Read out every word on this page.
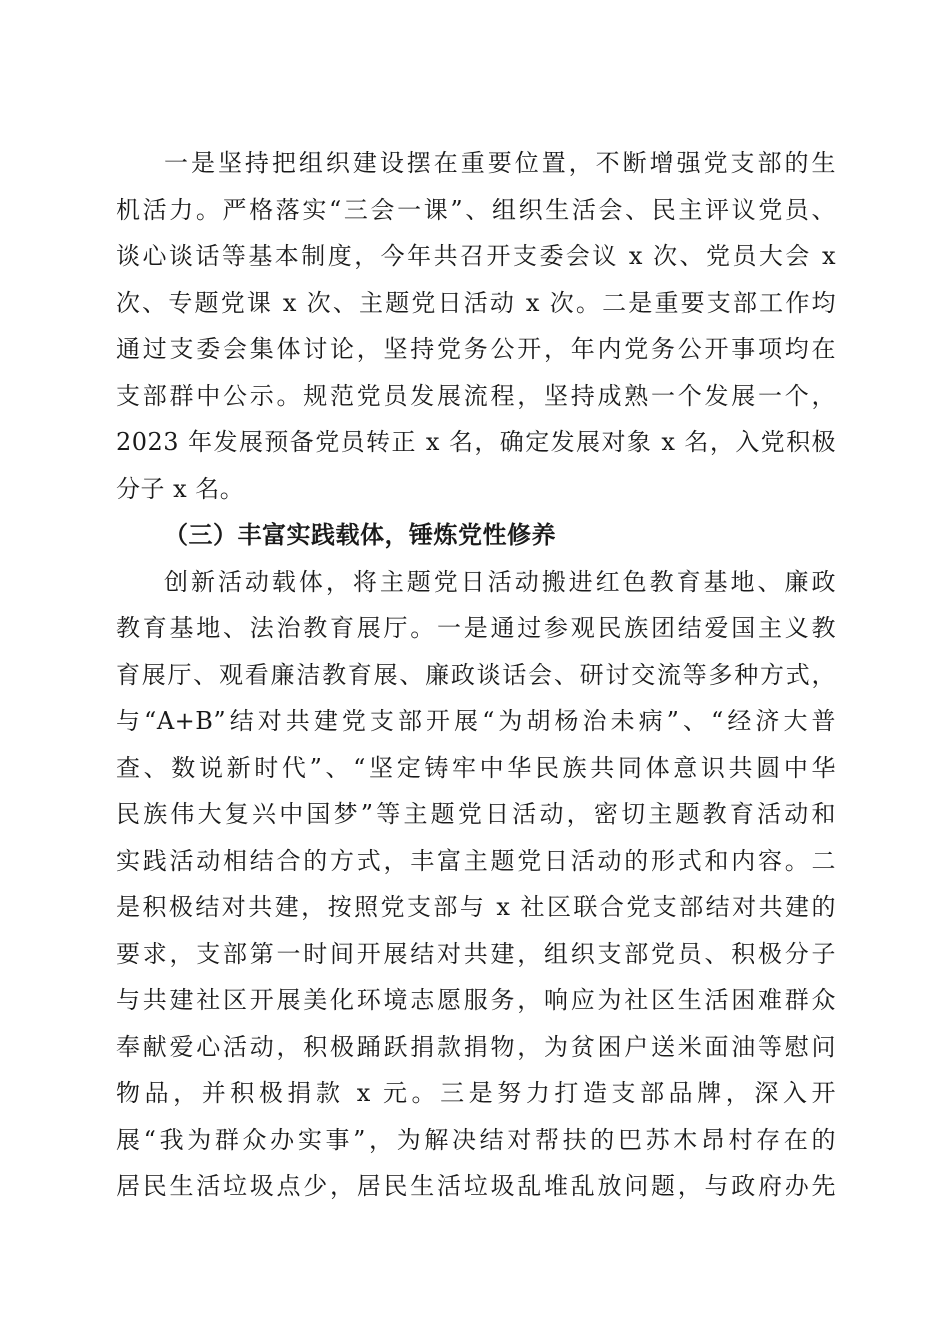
一是坚持把组织建设摆在重要位置，不断增强党支部的生

机活力。严格落实“三会一课”、组织生活会、民主评议党员、

谈心谈话等基本制度，今年共召开支委会议 x 次、党员大会 x

次、专题党课 x 次、主题党日活动 x 次。二是重要支部工作均

通过支委会集体讨论，坚持党务公开，年内党务公开事项均在

支部群中公示。规范党员发展流程，坚持成熟一个发展一个，

2023 年发展预备党员转正 x 名，确定发展对象 x 名，入党积极

分子 x 名。

（三）丰富实践载体，锤炼党性修养

创新活动载体，将主题党日活动搬进红色教育基地、廉政

教育基地、法治教育展厅。一是通过参观民族团结爱国主义教

育展厅、观看廉洁教育展、廉政谈话会、研讨交流等多种方式，

与“A+B”结对共建党支部开展“为胡杨治未病”、“经济大普

查、数说新时代”、“坚定铸牢中华民族共同体意识共圆中华

民族伟大复兴中国梦”等主题党日活动，密切主题教育活动和

实践活动相结合的方式，丰富主题党日活动的形式和内容。二

是积极结对共建，按照党支部与 x 社区联合党支部结对共建的

要求，支部第一时间开展结对共建，组织支部党员、积极分子

与共建社区开展美化环境志愿服务，响应为社区生活困难群众

奉献爱心活动，积极踊跃捐款捐物，为贫困户送米面油等慰问

物品，并积极捐款 x 元。三是努力打造支部品牌，深入开

展“我为群众办实事”，为解决结对帮扶的巴苏木昂村存在的

居民生活垃圾点少，居民生活垃圾乱堆乱放问题，与政府办先
